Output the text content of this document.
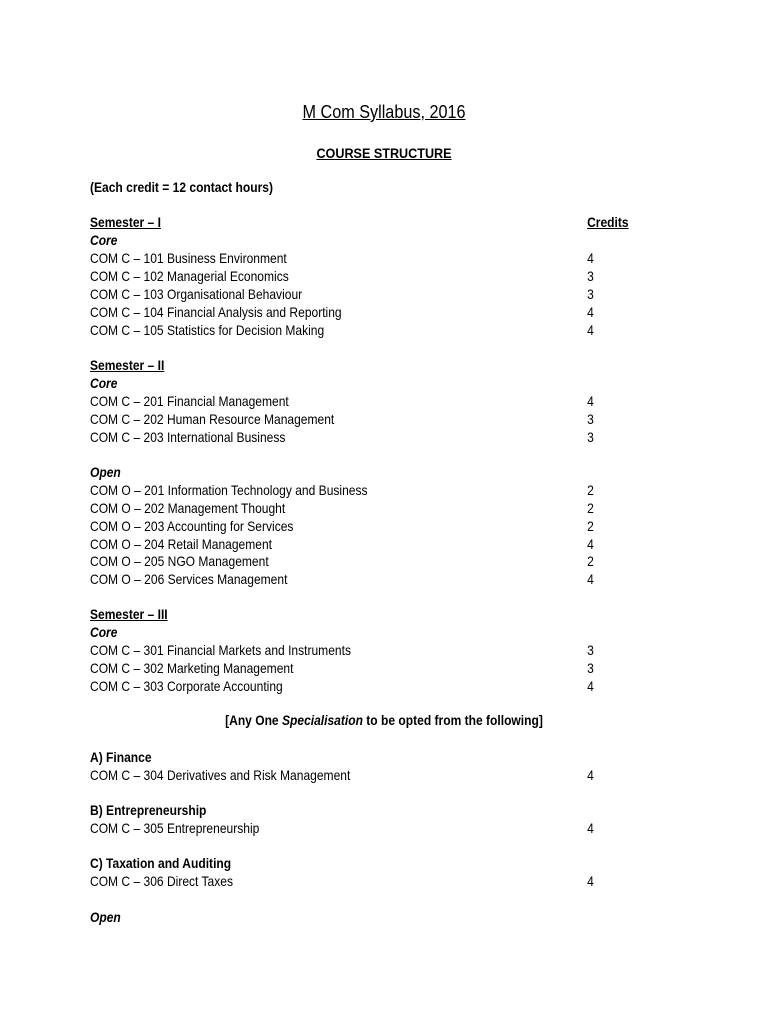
M Com Syllabus, 2016
COURSE STRUCTURE
(Each credit = 12 contact hours)
Semester – I	Credits
Core
COM C – 101 Business Environment	4
COM C – 102 Managerial Economics	3
COM C – 103 Organisational Behaviour	3
COM C – 104 Financial Analysis and Reporting	4
COM C – 105 Statistics for Decision Making	4
Semester – II
Core
COM C – 201 Financial Management	4
COM C – 202 Human Resource Management	3
COM C – 203 International Business	3
Open
COM O – 201 Information Technology and Business	2
COM O – 202 Management Thought	2
COM O – 203 Accounting for Services	2
COM O – 204 Retail Management	4
COM O – 205 NGO Management	2
COM O – 206 Services Management	4
Semester – III
Core
COM C – 301 Financial Markets and Instruments	3
COM C – 302 Marketing Management	3
COM C – 303 Corporate Accounting	4
[Any One Specialisation to be opted from the following]
A) Finance
COM C – 304 Derivatives and Risk Management	4
B) Entrepreneurship
COM C – 305 Entrepreneurship	4
C) Taxation and Auditing
COM C – 306 Direct Taxes	4
Open
